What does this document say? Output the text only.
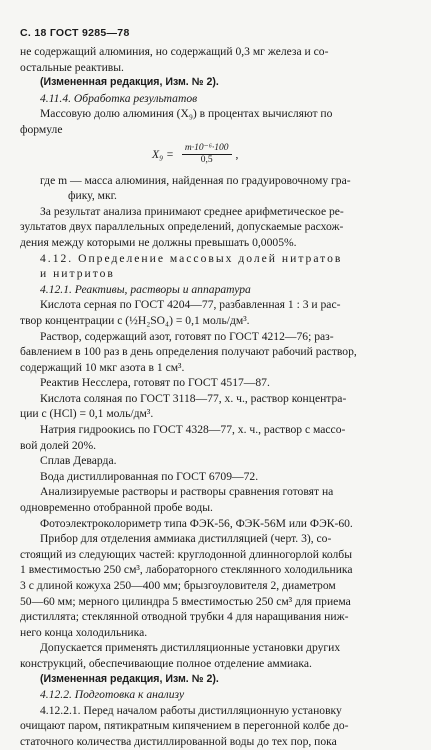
С. 18 ГОСТ 9285—78
не содержащий алюминия, но содержащий 0,3 мг железа и со-
остальные реактивы.
(Измененная редакция, Изм. № 2).
4.11.4. Обработка результатов
Массовую долю алюминия (X₉) в процентах вычисляют по
формуле
$X_9 = \frac{\text{m·10⁻⁶·100}}{0,5}$ ,
где m — масса алюминия, найденная по градуировочному гра-
фику, мкг.
За результат анализа принимают среднее арифметическое ре-
зультатов двух параллельных определений, допускаемые расхож-
дения между которыми не должны превышать 0,0005%.
4.12. Определение массовых долей нитратов
и нитритов
4.12.1. Реактивы, растворы и аппаратура
Кислота серная по ГОСТ 4204—77, разбавленная 1 : 3 и рас-
твор концентрации с (½H₂SO₄) = 0,1 моль/дм³.
Раствор, содержащий азот, готовят по ГОСТ 4212—76; раз-
бавлением в 100 раз в день определения получают рабочий раствор,
содержащий 10 мкг азота в 1 см³.
Реактив Несслера, готовят по ГОСТ 4517—87.
Кислота соляная по ГОСТ 3118—77, х. ч., раствор концентра-
ции с (HCl) = 0,1 моль/дм³.
Натрия гидроокись по ГОСТ 4328—77, х. ч., раствор с массо-
вой долей 20%.
Сплав Деварда.
Вода дистиллированная по ГОСТ 6709—72.
Анализируемые растворы и растворы сравнения готовят на
одновременно отобранной пробе воды.
Фотоэлектроколориметр типа ФЭК-56, ФЭК-56М или ФЭК-60.
Прибор для отделения аммиака дистилляцией (черт. 3), со-
стоящий из следующих частей: круглодонной длинногорлой колбы
1 вместимостью 250 см³, лабораторного стеклянного холодильника
3 с длиной кожуха 250—400 мм; брызгоуловителя 2, диаметром
50—60 мм; мерного цилиндра 5 вместимостью 250 см³ для приема
дистиллята; стеклянной отводной трубки 4 для наращивания ниж-
него конца холодильника.
Допускается применять дистилляционные установки других
конструкций, обеспечивающие полное отделение аммиака.
(Измененная редакция, Изм. № 2).
4.12.2. Подготовка к анализу
4.12.2.1. Перед началом работы дистилляционную установку
очищают паром, пятикратным кипячением в перегонной колбе до-
статочного количества дистиллированной воды до тех пор, пока
